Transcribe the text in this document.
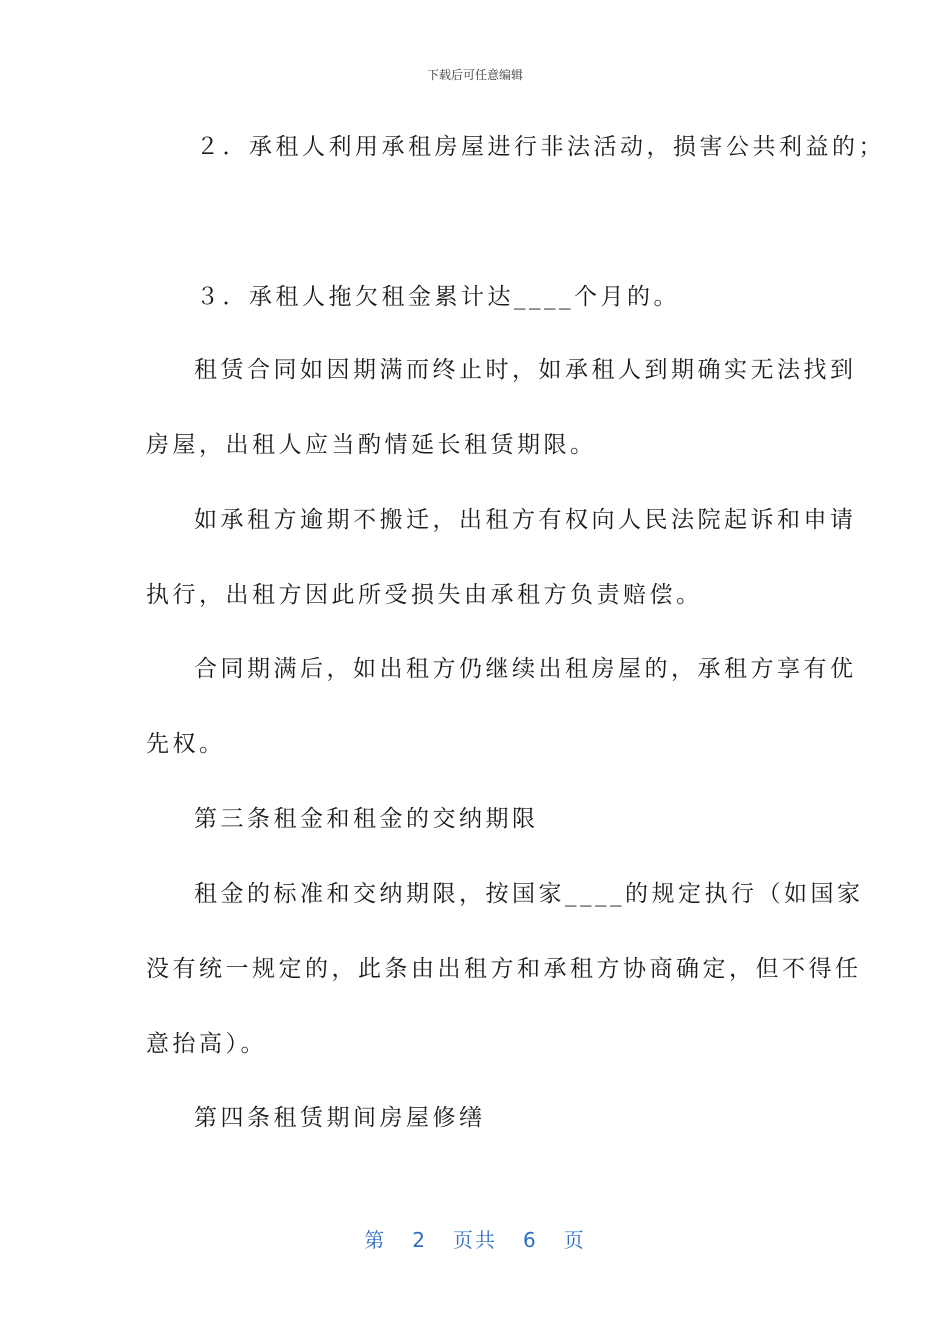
下载后可任意编辑
２．承租人利用承租房屋进行非法活动，损害公共利益的；
３．承租人拖欠租金累计达____个月的。
租赁合同如因期满而终止时，如承租人到期确实无法找到
房屋，出租人应当酌情延长租赁期限。
如承租方逾期不搬迁，出租方有权向人民法院起诉和申请
执行，出租方因此所受损失由承租方负责赔偿。
合同期满后，如出租方仍继续出租房屋的，承租方享有优
先权。
第三条租金和租金的交纳期限
租金的标准和交纳期限，按国家____的规定执行（如国家
没有统一规定的，此条由出租方和承租方协商确定，但不得任
意抬高）。
第四条租赁期间房屋修缮
第 2 页共 6 页
